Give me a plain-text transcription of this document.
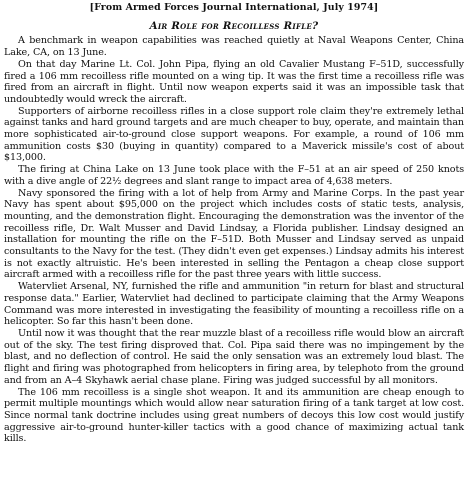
[From Armed Forces Journal International, July 1974]
Air Role for Recoilless Rifle?

A benchmark in weapon capabilities was reached quietly at Naval Weapons Center, China Lake, CA, on 13 June.

On that day Marine Lt. Col. John Pipa, flying an old Cavalier Mustang F–51D, successfully fired a 106 mm recoilless rifle mounted on a wing tip. It was the first time a recoilless rifle was fired from an aircraft in flight. Until now weapon experts said it was an impossible task that undoubtedly would wreck the aircraft.

Supporters of airborne recoilless rifles in a close support role claim they're extremely lethal against tanks and hard ground targets and are much cheaper to buy, operate, and maintain than more sophisticated air-to-ground close support weapons. For example, a round of 106 mm ammunition costs $30 (buying in quantity) compared to a Maverick missile's cost of about $13,000.

The firing at China Lake on 13 June took place with the F–51 at an air speed of 250 knots with a dive angle of 22½ degrees and slant range to impact area of 4,638 meters.

Navy sponsored the firing with a lot of help from Army and Marine Corps. In the past year Navy has spent about $95,000 on the project which includes costs of static tests, analysis, mounting, and the demonstration flight. Encouraging the demonstration was the inventor of the recoilless rifle, Dr. Walt Musser and David Lindsay, a Florida publisher. Lindsay designed an installation for mounting the rifle on the F–51D. Both Musser and Lindsay served as unpaid consultants to the Navy for the test. (They didn't even get expenses.) Lindsay admits his interest is not exactly altruistic. He's been interested in selling the Pentagon a cheap close support aircraft armed with a recoilless rifle for the past three years with little success.

Watervliet Arsenal, NY, furnished the rifle and ammunition "in return for blast and structural response data." Earlier, Watervliet had declined to participate claiming that the Army Weapons Command was more interested in investigating the feasibility of mounting a recoilless rifle on a helicopter. So far this hasn't been done.

Until now it was thought that the rear muzzle blast of a recoilless rifle would blow an aircraft out of the sky. The test firing disproved that. Col. Pipa said there was no impingement by the blast, and no deflection of control. He said the only sensation was an extremely loud blast. The flight and firing was photographed from helicopters in firing area, by telephoto from the ground and from an A–4 Skyhawk aerial chase plane. Firing was judged successful by all monitors.

The 106 mm recoilless is a single shot weapon. It and its ammunition are cheap enough to permit multiple mountings which would allow near saturation firing of a tank target at low cost. Since normal tank doctrine includes using great numbers of decoys this low cost would justify aggressive air-to-ground hunter-killer tactics with a good chance of maximizing actual tank kills.
